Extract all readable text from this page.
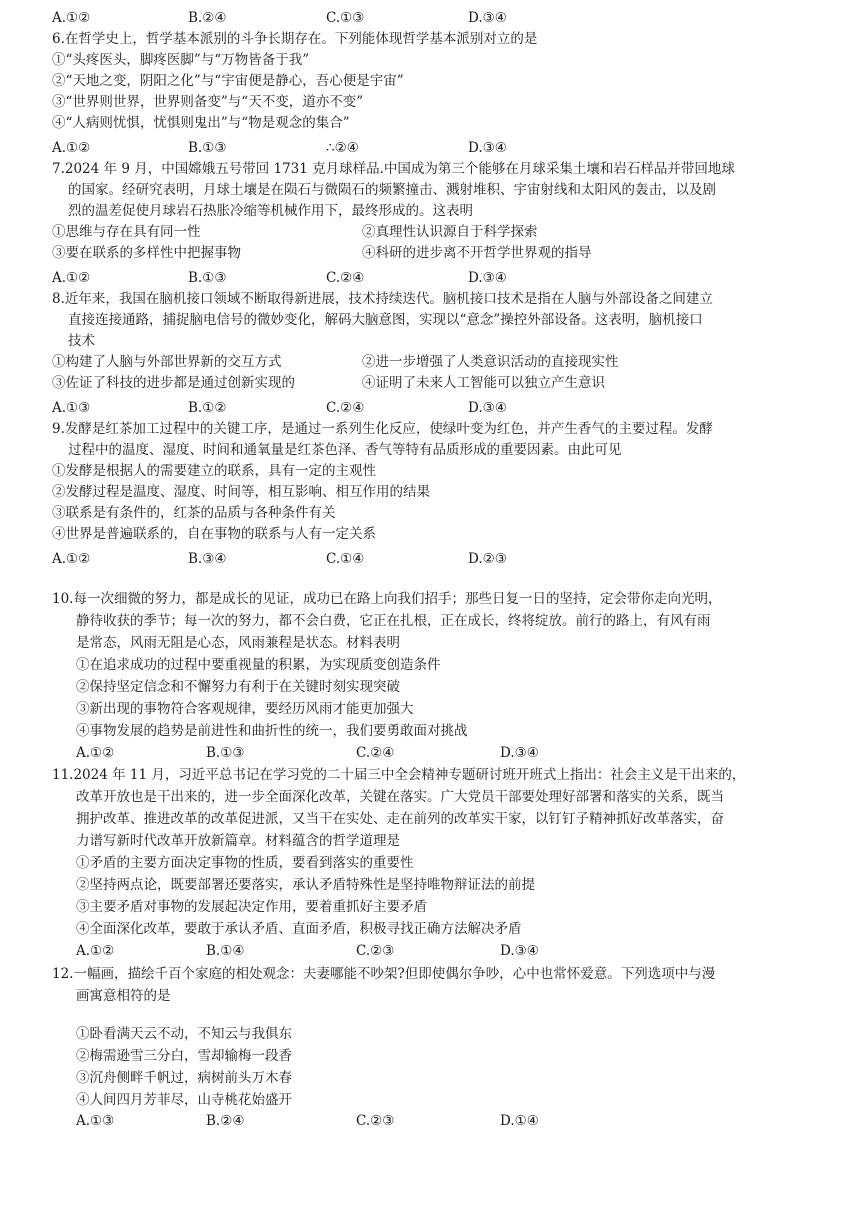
A.①②	B.②④	C.①③	D.③④
6.在哲学史上，哲学基本派别的斗争长期存在。下列能体现哲学基本派别对立的是
①“头疼医头，脚疼医脚”与“万物皆备于我”
②“天地之变，阴阳之化”与“宇宙便是静心，吾心便是宇宙”
③“世界则世界，世界则备变”与“天不变，道亦不变”
④“人病则忧惧，忧惧则鬼出”与“物是观念的集合”
A.①②	B.①③	∴②④	D.③④
7.2024 年 9 月，中国嫦娥五号带回 1731 克月球样品.中国成为第三个能够在月球采集土壤和岩石样品并带回地球
的国家。经研究表明，月球土壤是在陨石与微陨石的频繁撞击、溅射堆积、宇宙射线和太阳风的轰击，以及剧
烈的温差促使月球岩石热胀冷缩等机械作用下，最终形成的。这表明
①思维与存在具有同一性	②真理性认识源自于科学探索
③要在联系的多样性中把握事物	④科研的进步离不开哲学世界观的指导
A.①②	B.①③	C.②④	D.③④
8.近年来，我国在脑机接口领域不断取得新进展，技术持续迭代。脑机接口技术是指在人脑与外部设备之间建立
直接连接通路，捕捉脑电信号的微妙变化，解码大脑意图，实现以“意念”操控外部设备。这表明，脑机接口
技术
①构建了人脑与外部世界新的交互方式	②进一步增强了人类意识活动的直接现实性
③佐证了科技的进步都是通过创新实现的	④证明了未来人工智能可以独立产生意识
A.①③	B.①②	C.②④	D.③④
9.发酵是红茶加工过程中的关键工序，是通过一系列生化反应，使绿叶变为红色，并产生香气的主要过程。发酵
过程中的温度、湿度、时间和通氧量是红茶色泽、香气等特有品质形成的重要因素。由此可见
①发酵是根据人的需要建立的联系，具有一定的主观性
②发酵过程是温度、湿度、时间等，相互影响、相互作用的结果
③联系是有条件的，红茶的品质与各种条件有关
④世界是普遍联系的，自在事物的联系与人有一定关系
A.①②	B.③④	C.①④	D.②③
10.每一次细微的努力，都是成长的见证，成功已在路上向我们招手；那些日复一日的坚持，定会带你走向光明，
静待收获的季节；每一次的努力，都不会白费，它正在扎根，正在成长，终将绽放。前行的路上，有风有雨
是常态，风雨无阻是心态，风雨兼程是状态。材料表明
①在追求成功的过程中要重视量的积累，为实现质变创造条件
②保持坚定信念和不懈努力有利于在关键时刻实现突破
③新出现的事物符合客观规律，要经历风雨才能更加强大
④事物发展的趋势是前进性和曲折性的统一，我们要勇敢面对挑战
A.①②	B.①③	C.②④	D.③④
11.2024 年 11 月，习近平总书记在学习党的二十届三中全会精神专题研讨班开班式上指出：社会主义是干出来的，
改革开放也是干出来的，进一步全面深化改革，关键在落实。广大党员干部要处理好部署和落实的关系，既当
拥护改革、推进改革的改革促进派，又当干在实处、走在前列的改革实干家，以钉钉子精神抓好改革落实，奋
力谱写新时代改革开放新篇章。材料蕴含的哲学道理是
①矛盾的主要方面决定事物的性质，要看到落实的重要性
②坚持两点论，既要部署还要落实，承认矛盾特殊性是坚持唯物辩证法的前提
③主要矛盾对事物的发展起决定作用，要着重抓好主要矛盾
④全面深化改革，要敢于承认矛盾、直面矛盾，积极寻找正确方法解决矛盾
A.①②	B.①④	C.②③	D.③④
12.一幅画，描绘千百个家庭的相处观念：夫妻哪能不吵架?但即使偶尔争吵，心中也常怀爱意。下列选项中与漫
画寓意相符的是
①卧看满天云不动，不知云与我俱东
②梅需逊雪三分白，雪却输梅一段香
③沉舟侧畔千帆过，病树前头万木春
④人间四月芳菲尽，山寺桃花始盛开
A.①③	B.②④	C.②③	D.①④
